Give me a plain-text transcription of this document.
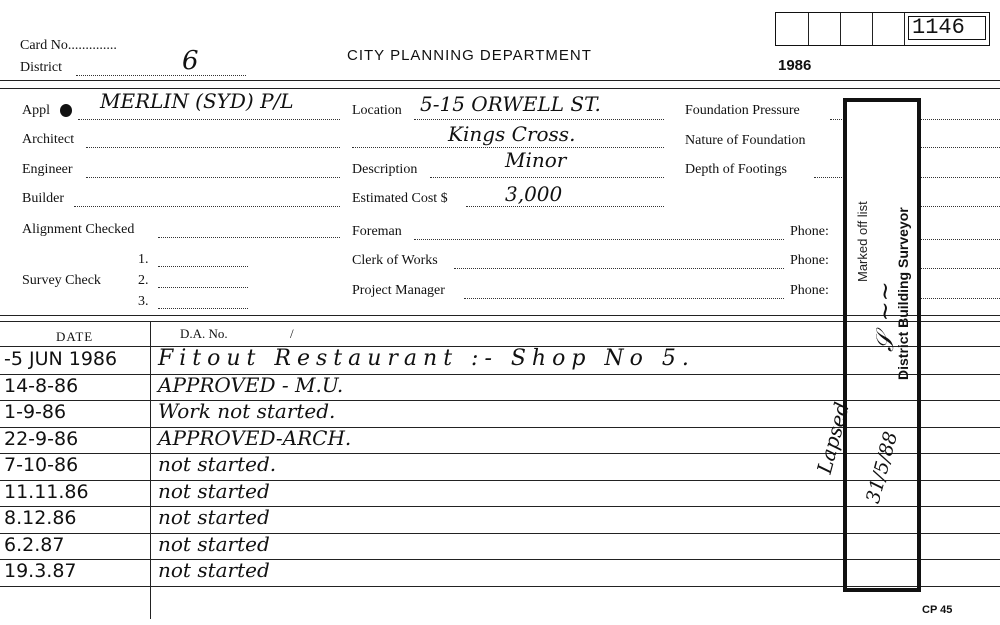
Card No..............
District	6	CITY PLANNING DEPARTMENT
1986
1146
Appl	MERLIN (SYD) P/L
Architect
Engineer
Builder
Alignment Checked
Survey Check
1.
2.
3.
Location 5-15 ORWELL ST.
Kings Cross.
Description	Minor
Estimated Cost $	3,000
Foreman
Clerk of Works
Project Manager
Foundation Pressure
Nature of Foundation
Depth of Footings
Phone:
Phone:
Phone:
DATE	D.A. No.	/
-5 JUN 1986 Fitout Restaurant :- Shop No 5.
14-8-86	APPROVED - M.U.
1-9-86	Work not started.
22-9-86	APPROVED-ARCH.
7-10-86	not started.
11.11.86	not started
8.12.86	not started
6.2.87	not started
19.3.87	not started
Marked off list District Building Surveyor
𝒮 ~~
Lapsed 31/5/88
CP 45
